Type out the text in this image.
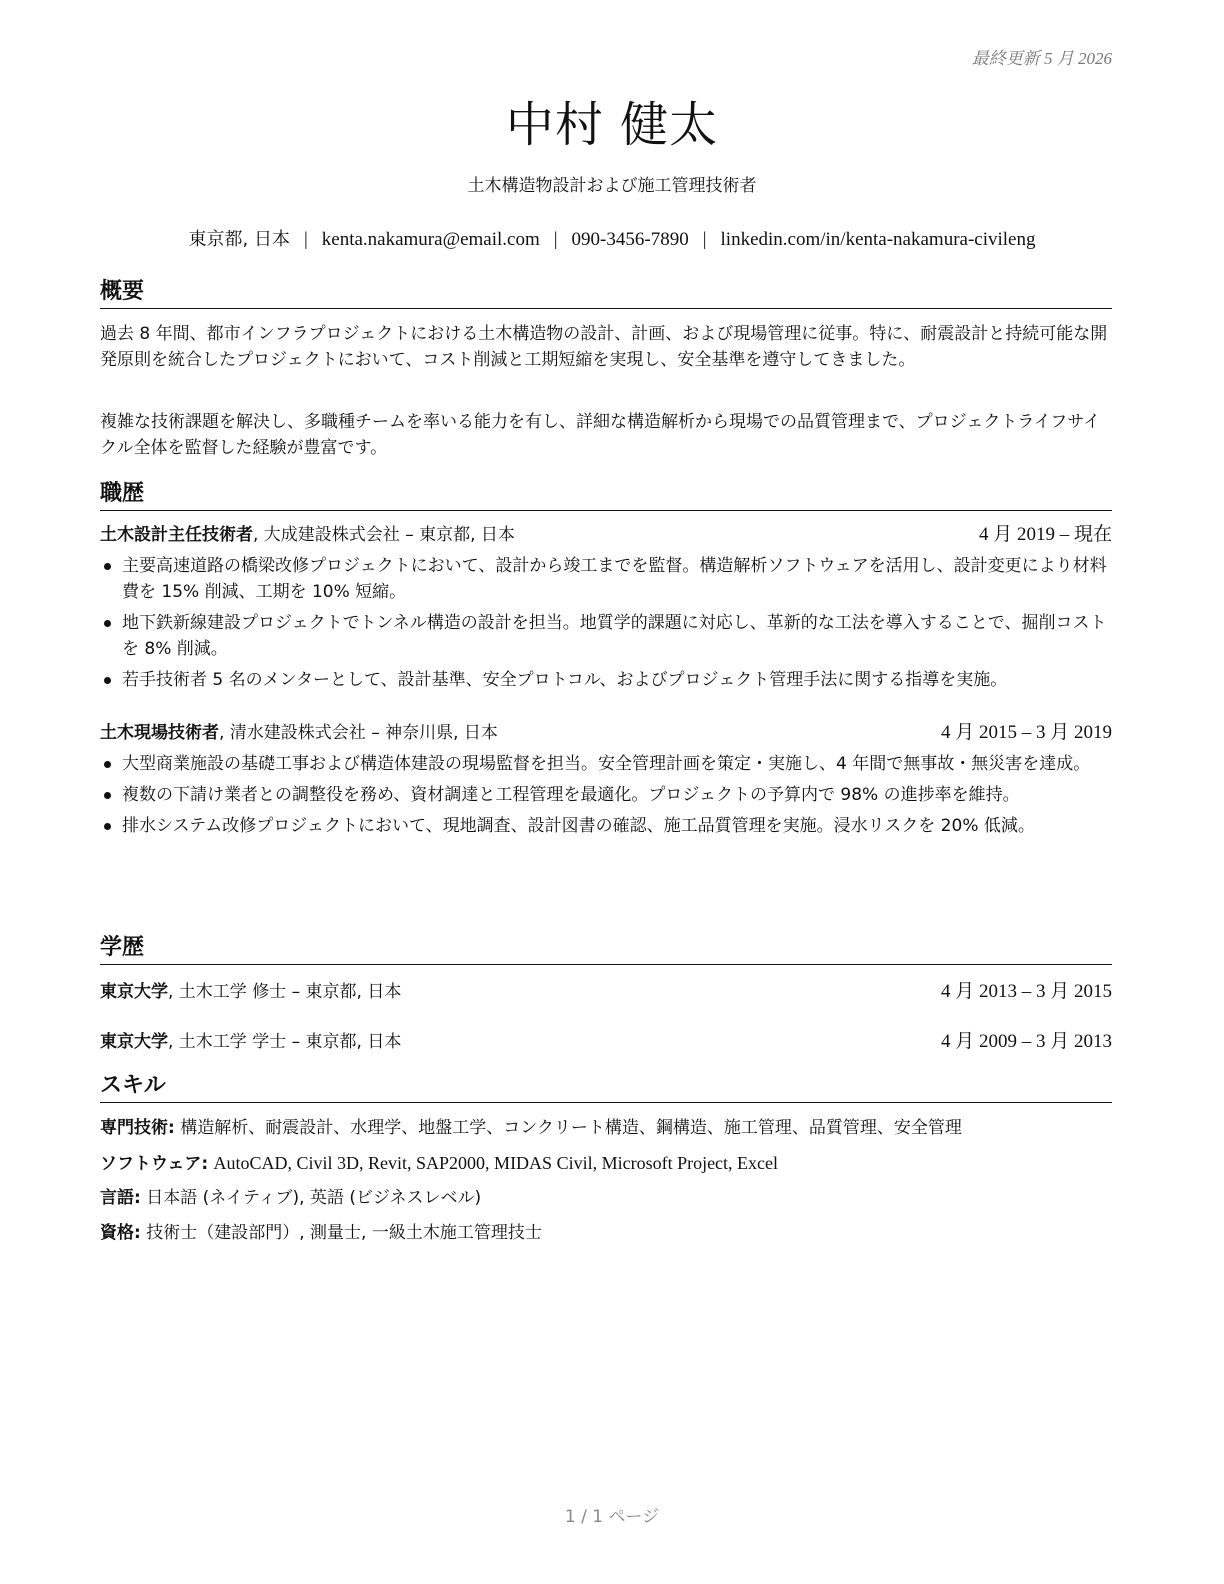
最終更新 5 月 2026
中村 健太
土木構造物設計および施工管理技術者
東京都, 日本 | kenta.nakamura@email.com | 090-3456-7890 | linkedin.com/in/kenta-nakamura-civileng
概要

過去 8 年間、都市インフラプロジェクトにおける土木構造物の設計、計画、および現場管理に従事。特に、耐震設計と持続可能な開発原則を統合したプロジェクトにおいて、コスト削減と工期短縮を実現し、安全基準を遵守してきました。

複雑な技術課題を解決し、多職種チームを率いる能力を有し、詳細な構造解析から現場での品質管理まで、プロジェクトライフサイクル全体を監督した経験が豊富です。

職歴
土木設計主任技術者, 大成建設株式会社 – 東京都, 日本	4 月 2019 – 現在
主要高速道路の橋梁改修プロジェクトにおいて、設計から竣工までを監督。構造解析ソフトウェアを活用し、設計変更により材料費を 15% 削減、工期を 10% 短縮。
地下鉄新線建設プロジェクトでトンネル構造の設計を担当。地質学的課題に対応し、革新的な工法を導入することで、掘削コストを 8% 削減。
若手技術者 5 名のメンターとして、設計基準、安全プロトコル、およびプロジェクト管理手法に関する指導を実施。
土木現場技術者, 清水建設株式会社 – 神奈川県, 日本	4 月 2015 – 3 月 2019
大型商業施設の基礎工事および構造体建設の現場監督を担当。安全管理計画を策定・実施し、4 年間で無事故・無災害を達成。
複数の下請け業者との調整役を務め、資材調達と工程管理を最適化。プロジェクトの予算内で 98% の進捗率を維持。
排水システム改修プロジェクトにおいて、現地調査、設計図書の確認、施工品質管理を実施。浸水リスクを 20% 低減。
学歴
東京大学, 土木工学 修士 – 東京都, 日本	4 月 2013 – 3 月 2015
東京大学, 土木工学 学士 – 東京都, 日本	4 月 2009 – 3 月 2013
スキル
専門技術: 構造解析、耐震設計、水理学、地盤工学、コンクリート構造、鋼構造、施工管理、品質管理、安全管理
ソフトウェア: AutoCAD, Civil 3D, Revit, SAP2000, MIDAS Civil, Microsoft Project, Excel
言語: 日本語 (ネイティブ), 英語 (ビジネスレベル)
資格: 技術士（建設部門）, 測量士, 一級土木施工管理技士
1 / 1 ページ
